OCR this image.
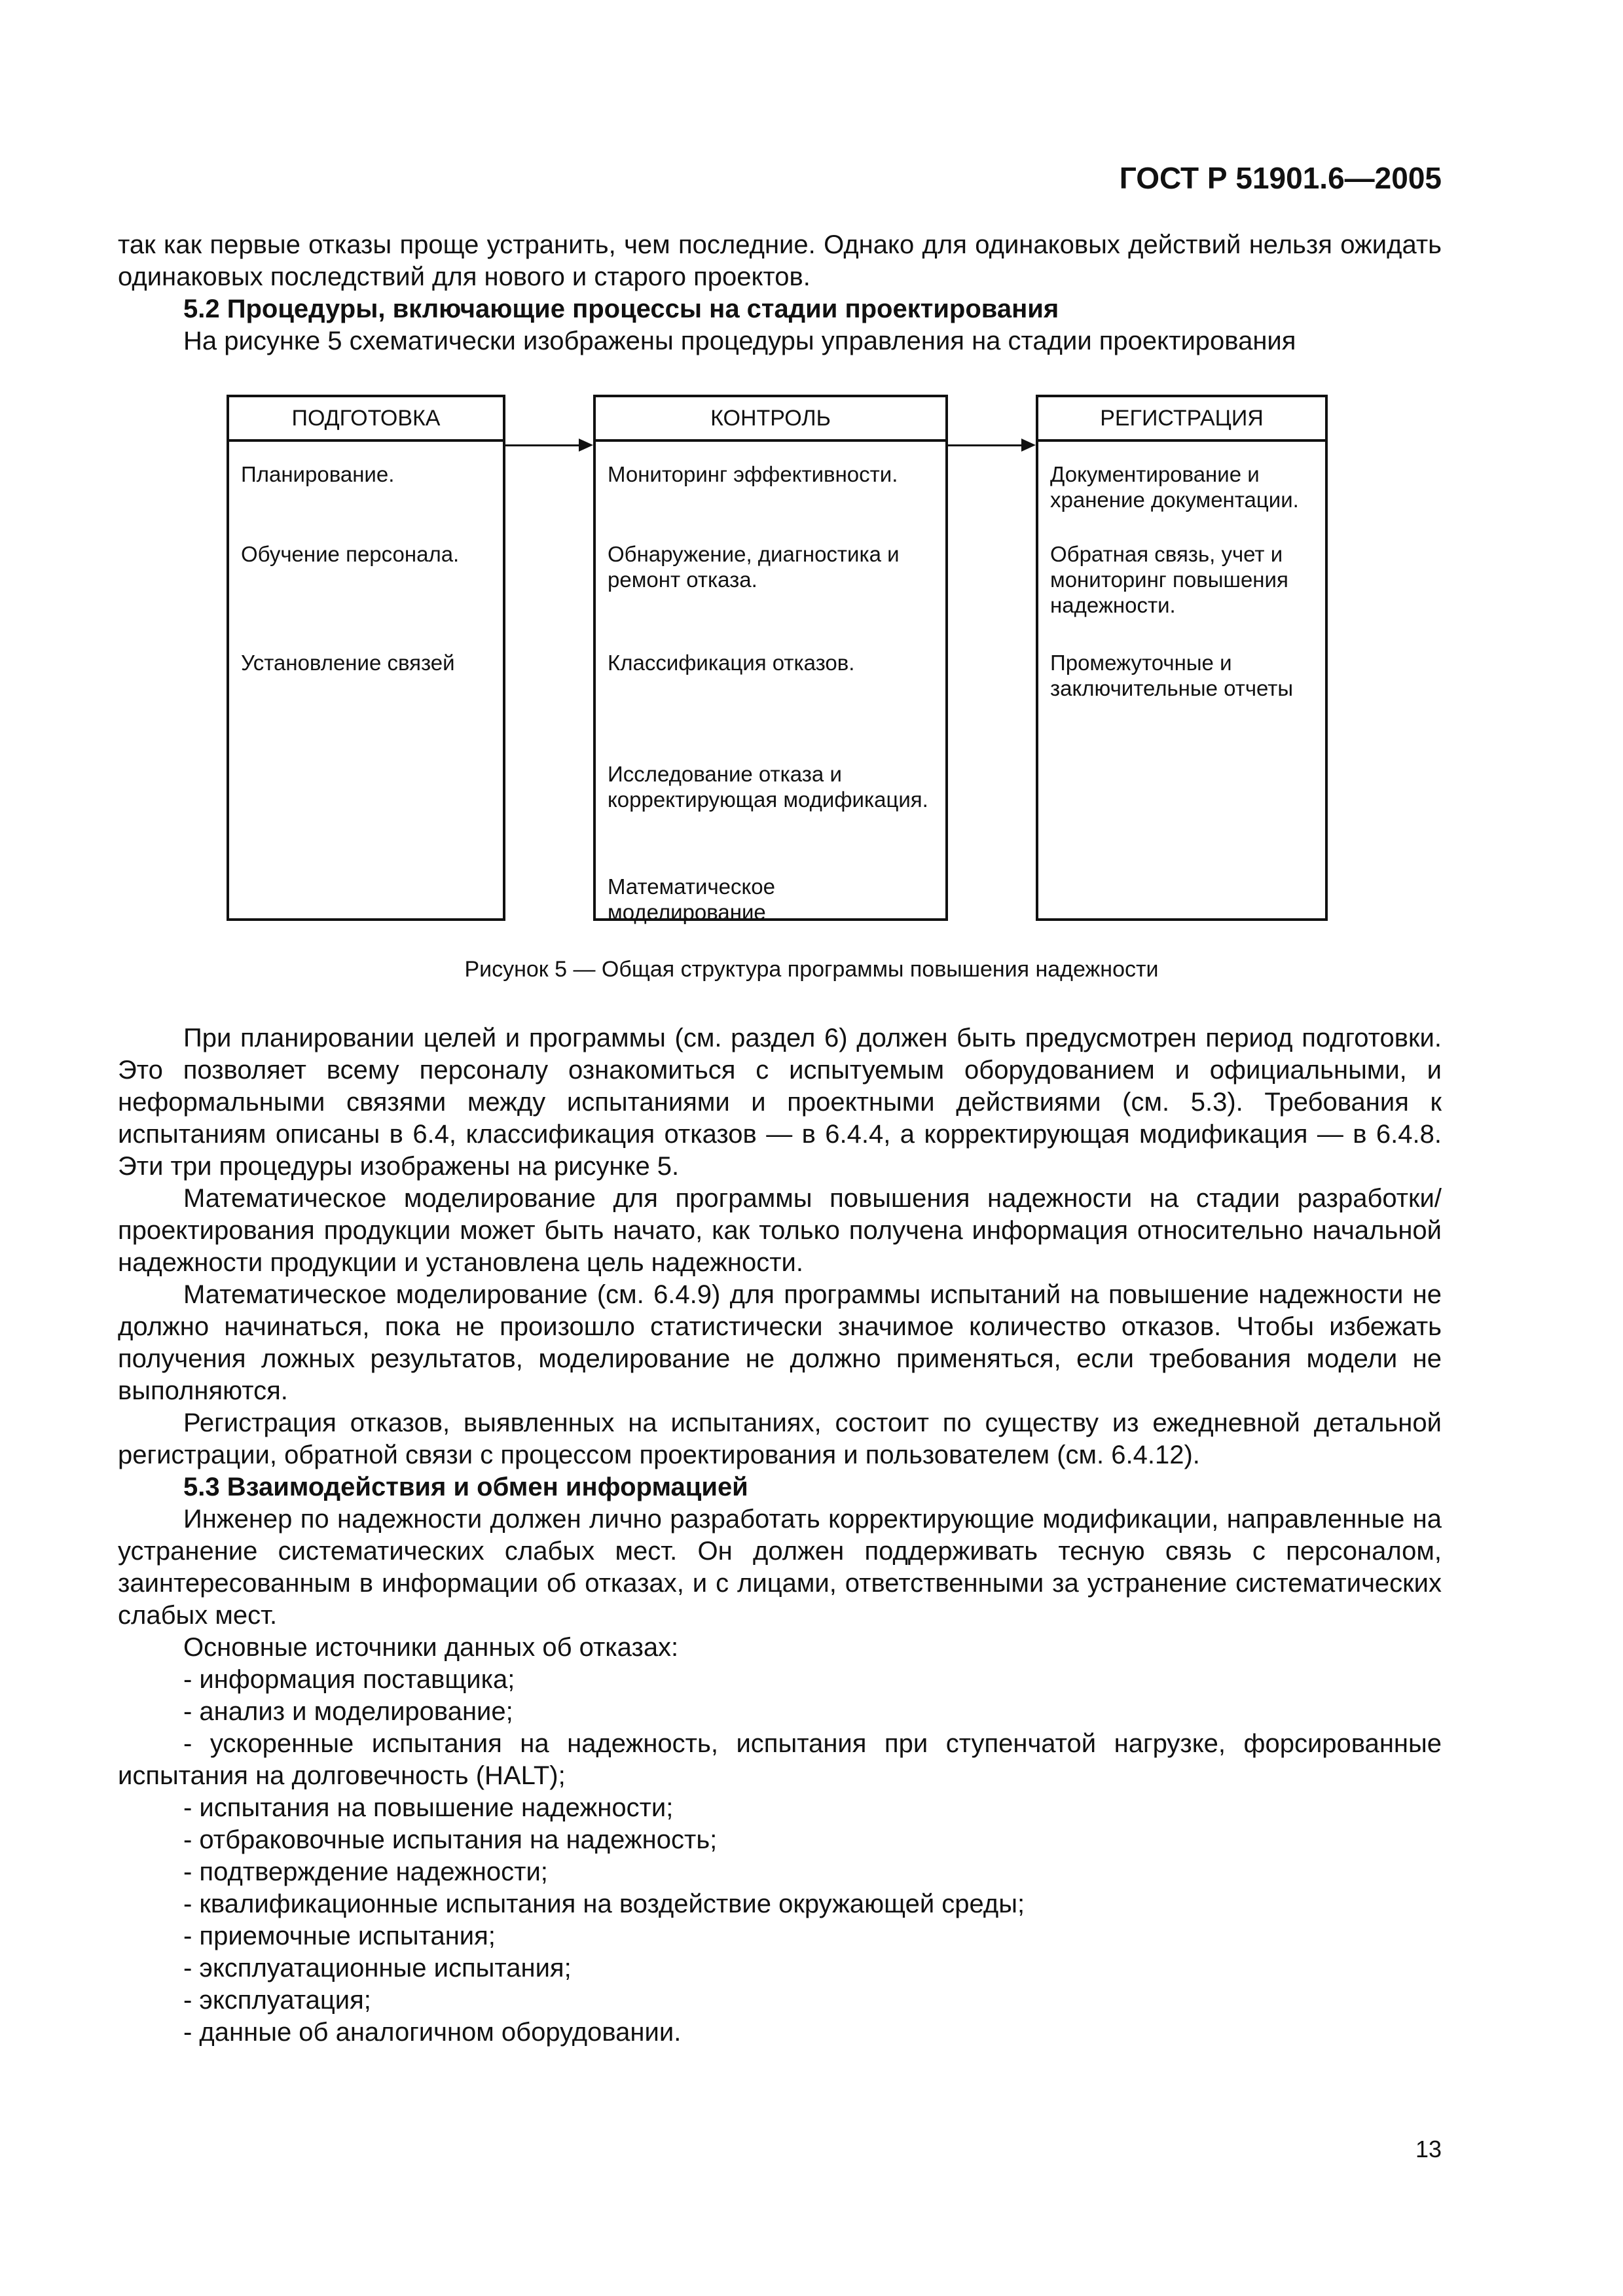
ГОСТ Р 51901.6—2005

так как первые отказы проще устранить, чем последние. Однако для одинаковых действий нельзя ожидать одинаковых последствий для нового и старого проектов.

5.2 Процедуры, включающие процессы на стадии проектирования

На рисунке 5 схематически изображены процедуры управления на стадии проектирования

ПОДГОТОВКА
Планирование.
Обучение персонала.
Установление связей
КОНТРОЛЬ
Мониторинг эффективности.
Обнаружение, диагностика и ремонт отказа.
Классификация отказов.
Исследование отказа и корректирующая модификация.
Математическое моделирование
РЕГИСТРАЦИЯ
Документирование и хранение документации.
Обратная связь, учет и мониторинг повышения надежности.
Промежуточные и заключительные отчеты
Рисунок 5 — Общая структура программы повышения надежности

При планировании целей и программы (см. раздел 6) должен быть предусмотрен период подготовки. Это позволяет всему персоналу ознакомиться с испытуемым оборудованием и официальными, и неформальными связями между испытаниями и проектными действиями (см. 5.3). Требования к испытаниям описаны в 6.4, классификация отказов — в 6.4.4, а корректирующая модификация — в 6.4.8. Эти три процедуры изображены на рисунке 5.

Математическое моделирование для программы повышения надежности на стадии разработки/проектирования продукции может быть начато, как только получена информация относительно начальной надежности продукции и установлена цель надежности.

Математическое моделирование (см. 6.4.9) для программы испытаний на повышение надежности не должно начинаться, пока не произошло статистически значимое количество отказов. Чтобы избежать получения ложных результатов, моделирование не должно применяться, если требования модели не выполняются.

Регистрация отказов, выявленных на испытаниях, состоит по существу из ежедневной детальной регистрации, обратной связи с процессом проектирования и пользователем (см. 6.4.12).

5.3 Взаимодействия и обмен информацией

Инженер по надежности должен лично разработать корректирующие модификации, направленные на устранение систематических слабых мест. Он должен поддерживать тесную связь с персоналом, заинтересованным в информации об отказах, и с лицами, ответственными за устранение систематических слабых мест.

Основные источники данных об отказах:

- информация поставщика;

- анализ и моделирование;

- ускоренные испытания на надежность, испытания при ступенчатой нагрузке, форсированные испытания на долговечность (HALT);

- испытания на повышение надежности;

- отбраковочные испытания на надежность;

- подтверждение надежности;

- квалификационные испытания на воздействие окружающей среды;

- приемочные испытания;

- эксплуатационные испытания;

- эксплуатация;

- данные об аналогичном оборудовании.

13
